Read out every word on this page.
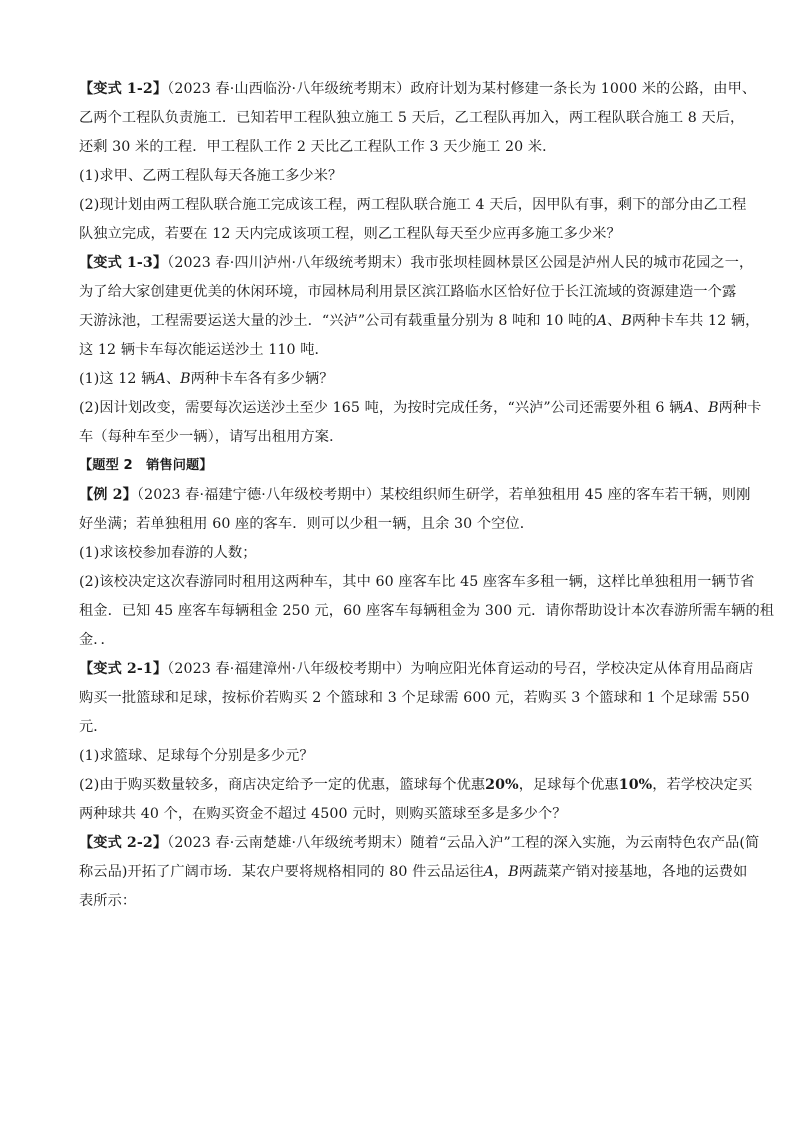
【变式 1-2】（2023 春·山西临汾·八年级统考期末）政府计划为某村修建一条长为 1000 米的公路，由甲、
乙两个工程队负责施工．已知若甲工程队独立施工 5 天后，乙工程队再加入，两工程队联合施工 8 天后，
还剩 30 米的工程．甲工程队工作 2 天比乙工程队工作 3 天少施工 20 米．
(1)求甲、乙两工程队每天各施工多少米？
(2)现计划由两工程队联合施工完成该工程，两工程队联合施工 4 天后，因甲队有事，剩下的部分由乙工程
队独立完成，若要在 12 天内完成该项工程，则乙工程队每天至少应再多施工多少米？
【变式 1-3】（2023 春·四川泸州·八年级统考期末）我市张坝桂圆林景区公园是泸州人民的城市花园之一，
为了给大家创建更优美的休闲环境，市园林局利用景区滨江路临水区恰好位于长江流域的资源建造一个露
天游泳池，工程需要运送大量的沙土．“兴泸”公司有载重量分别为 8 吨和 10 吨的A、B两种卡车共 12 辆，
这 12 辆卡车每次能运送沙土 110 吨．
(1)这 12 辆A、B两种卡车各有多少辆？
(2)因计划改变，需要每次运送沙土至少 165 吨，为按时完成任务，“兴泸”公司还需要外租 6 辆A、B两种卡
车（每种车至少一辆），请写出租用方案．
【题型 2　销售问题】
【例 2】（2023 春·福建宁德·八年级校考期中）某校组织师生研学，若单独租用 45 座的客车若干辆，则刚
好坐满；若单独租用 60 座的客车．则可以少租一辆，且余 30 个空位．
(1)求该校参加春游的人数；
(2)该校决定这次春游同时租用这两种车，其中 60 座客车比 45 座客车多租一辆，这样比单独租用一辆节省
租金．已知 45 座客车每辆租金 250 元，60 座客车每辆租金为 300 元．请你帮助设计本次春游所需车辆的租
金．．
【变式 2-1】（2023 春·福建漳州·八年级校考期中）为响应阳光体育运动的号召，学校决定从体育用品商店
购买一批篮球和足球，按标价若购买 2 个篮球和 3 个足球需 600 元，若购买 3 个篮球和 1 个足球需 550
元．
(1)求篮球、足球每个分别是多少元？
(2)由于购买数量较多，商店决定给予一定的优惠，篮球每个优惠20%，足球每个优惠10%，若学校决定买
两种球共 40 个，在购买资金不超过 4500 元时，则购买篮球至多是多少个？
【变式 2-2】（2023 春·云南楚雄·八年级统考期末）随着“云品入沪”工程的深入实施，为云南特色农产品(简
称云品)开拓了广阔市场．某农户要将规格相同的 80 件云品运往A，B两蔬菜产销对接基地，各地的运费如
表所示：
